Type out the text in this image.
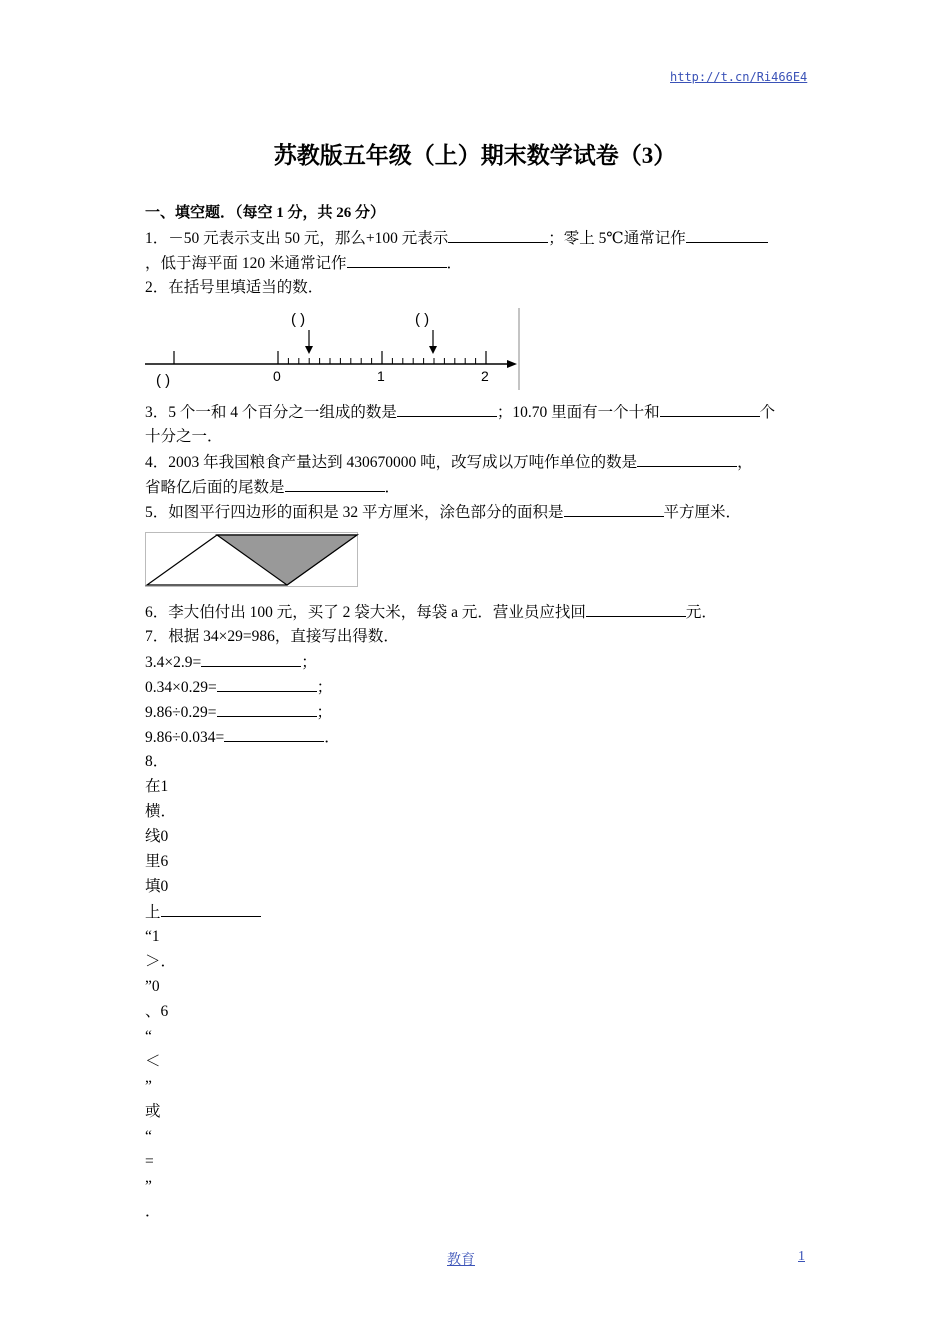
http://t.cn/Ri466E4
苏教版五年级（上）期末数学试卷（3）
一、填空题．（每空 1 分，共 26 分）
1．－50 元表示支出 50 元，那么+100 元表示	；零上 5℃通常记作
，低于海平面 120 米通常记作	．
2．在括号里填适当的数．
( )	( )
( )	0	1	2
3．5 个一和 4 个百分之一组成的数是	；10.70 里面有一个十和	个
十分之一．
4．2003 年我国粮食产量达到 430670000 吨，改写成以万吨作单位的数是	，
省略亿后面的尾数是	．
5．如图平行四边形的面积是 32 平方厘米，涂色部分的面积是	平方厘米．
6．李大伯付出 100 元，买了 2 袋大米，每袋 a 元．营业员应找回	元．
7．根据 34×29=986，直接写出得数．
3.4×2.9=	；
0.34×0.29=	；
9.86÷0.29=	；
9.86÷0.034=	．
8．
在1
横．
线0
里6
填0
上
“1
＞．
”0
、6
“
＜
”
或
“
=
”
．
教育	1
